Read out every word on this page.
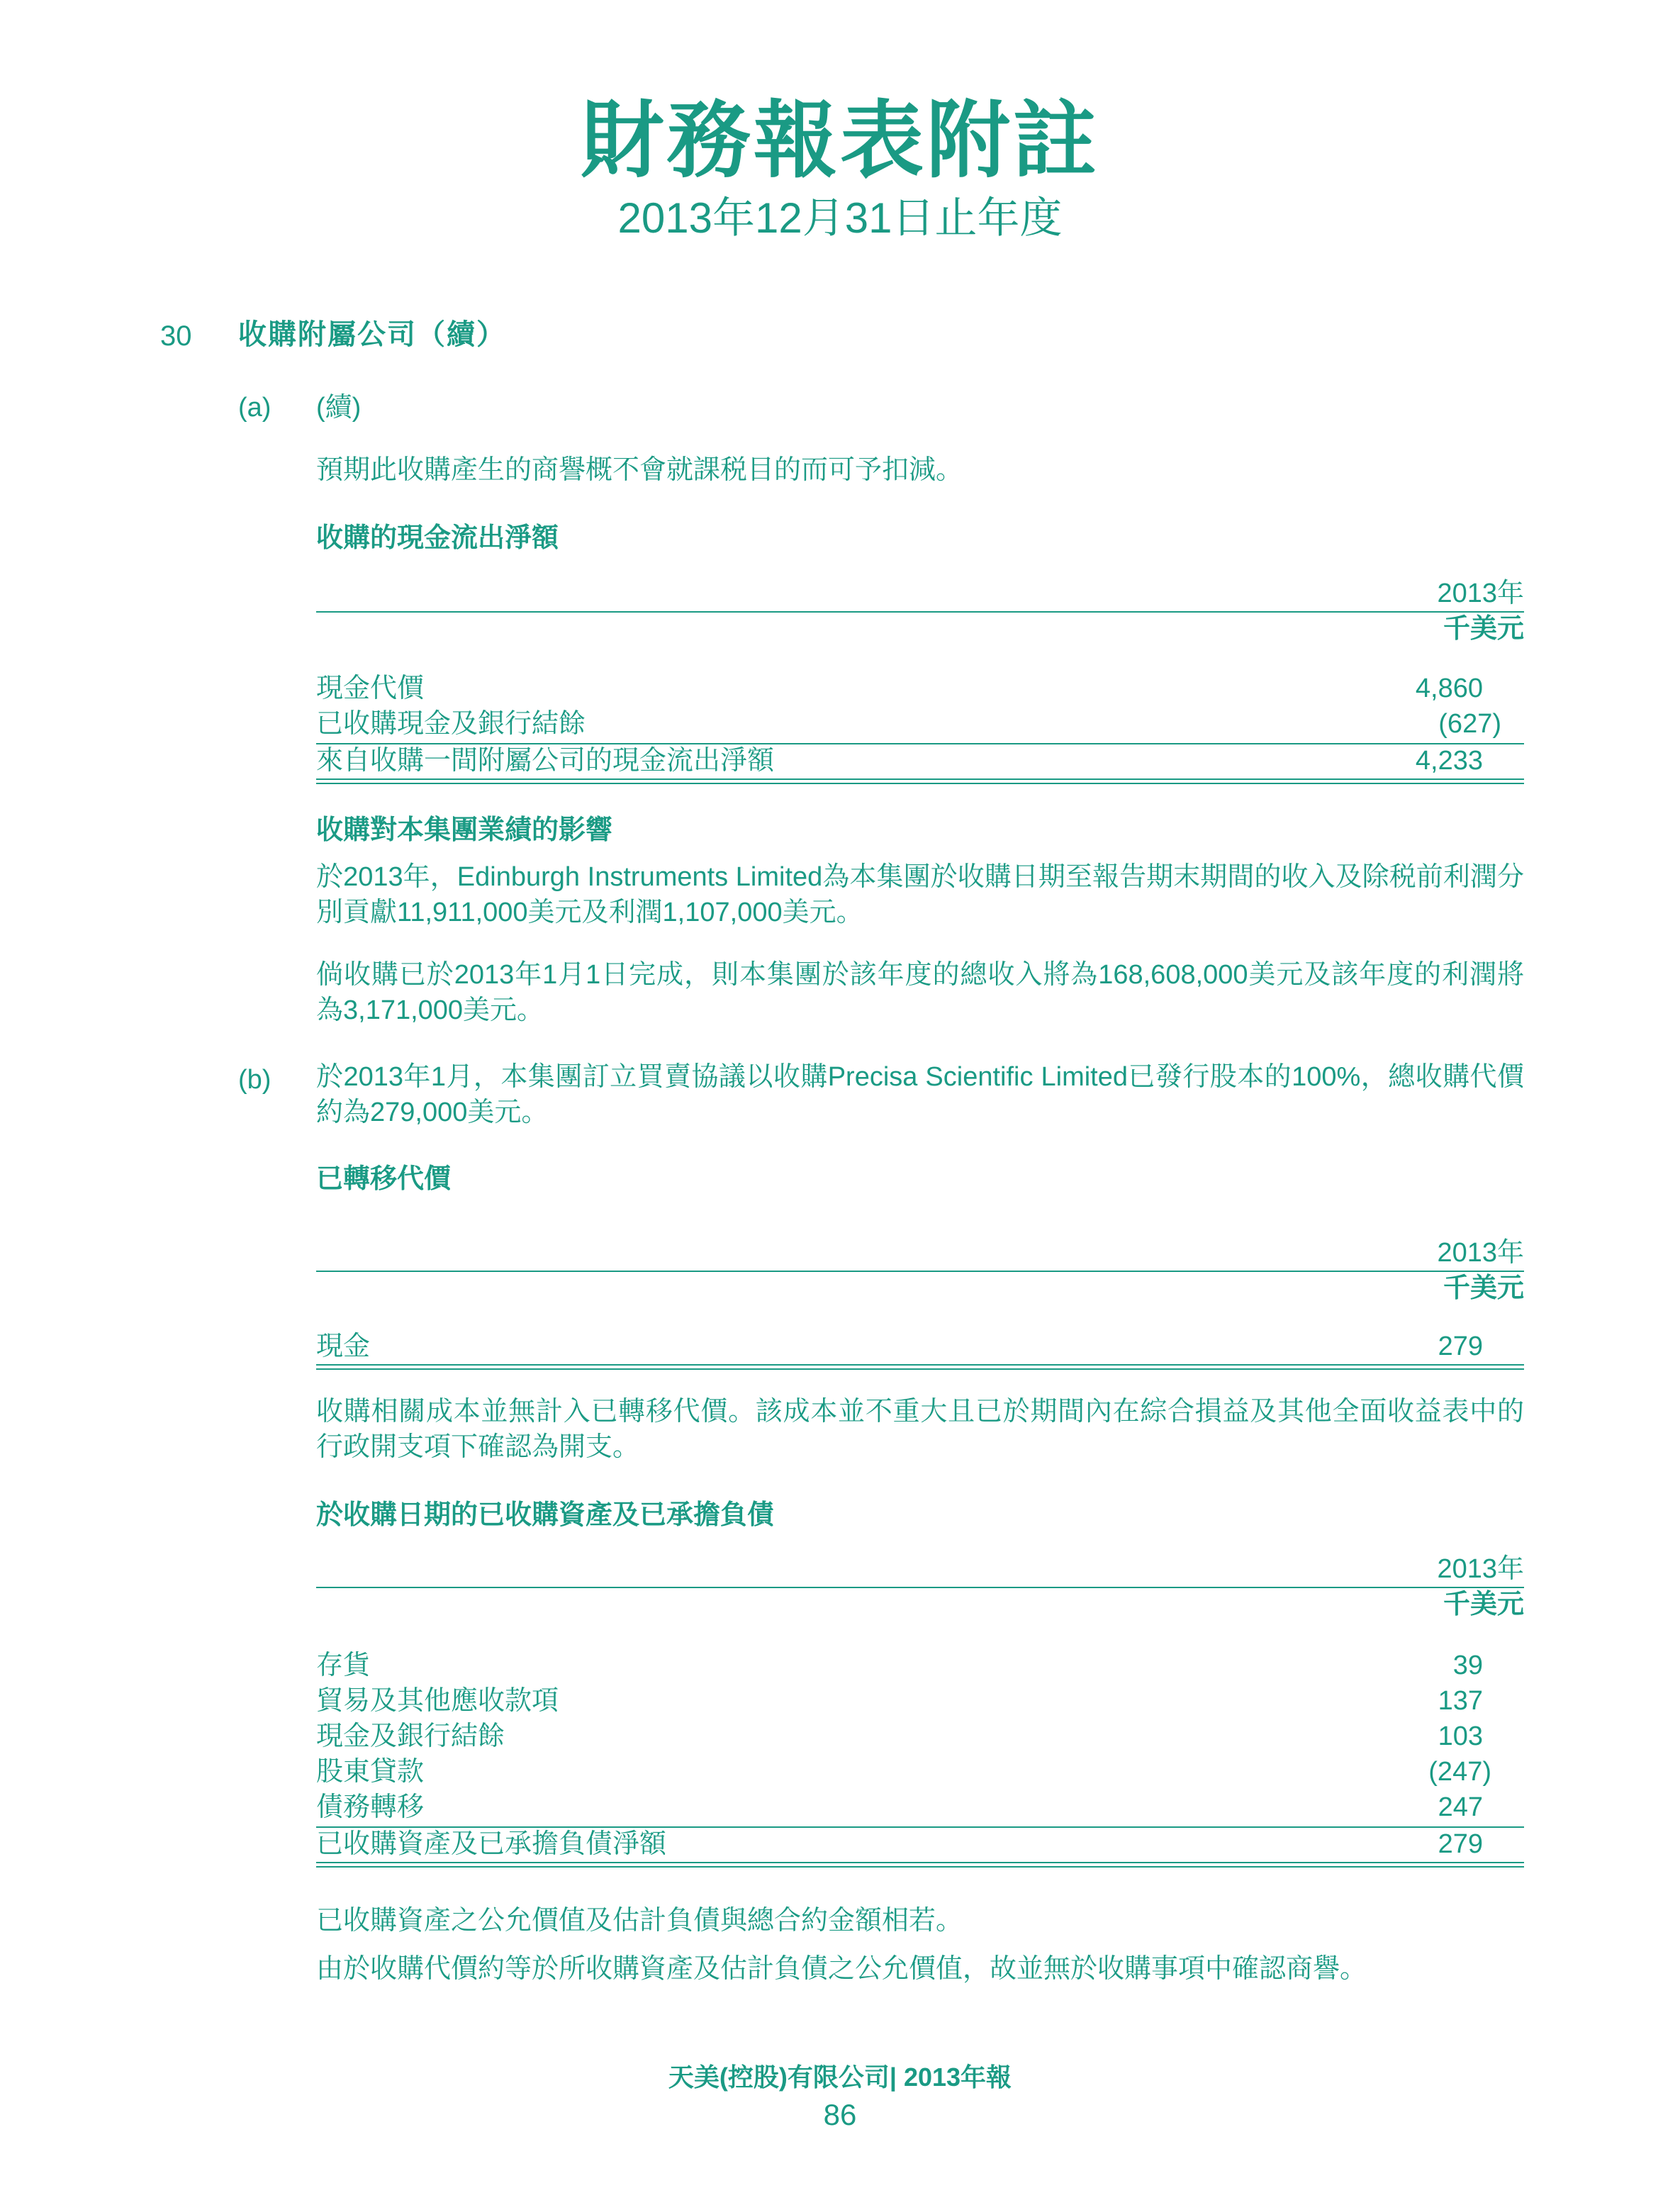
財務報表附註
2013年12月31日止年度
30 收購附屬公司（續）
(a) (續)
預期此收購產生的商譽概不會就課税目的而可予扣減。
收購的現金流出淨額
2013年
千美元
現金代價	4,860
已收購現金及銀行結餘	(627)
來自收購一間附屬公司的現金流出淨額	4,233
收購對本集團業績的影響
於2013年，Edinburgh Instruments Limited為本集團於收購日期至報告期末期間的收入及除税前利潤分別貢獻11,911,000美元及利潤1,107,000美元。
倘收購已於2013年1月1日完成，則本集團於該年度的總收入將為168,608,000美元及該年度的利潤將為3,171,000美元。
(b) 於2013年1月，本集團訂立買賣協議以收購Precisa Scientific Limited已發行股本的100%，總收購代價約為279,000美元。
已轉移代價
2013年
千美元
現金	279
收購相關成本並無計入已轉移代價。該成本並不重大且已於期間內在綜合損益及其他全面收益表中的行政開支項下確認為開支。
於收購日期的已收購資產及已承擔負債
2013年
千美元
存貨	39
貿易及其他應收款項	137
現金及銀行結餘	103
股東貸款	(247)
債務轉移	247
已收購資產及已承擔負債淨額	279
已收購資產之公允價值及估計負債與總合約金額相若。
由於收購代價約等於所收購資產及估計負債之公允價值，故並無於收購事項中確認商譽。
天美(控股)有限公司| 2013年報
86
